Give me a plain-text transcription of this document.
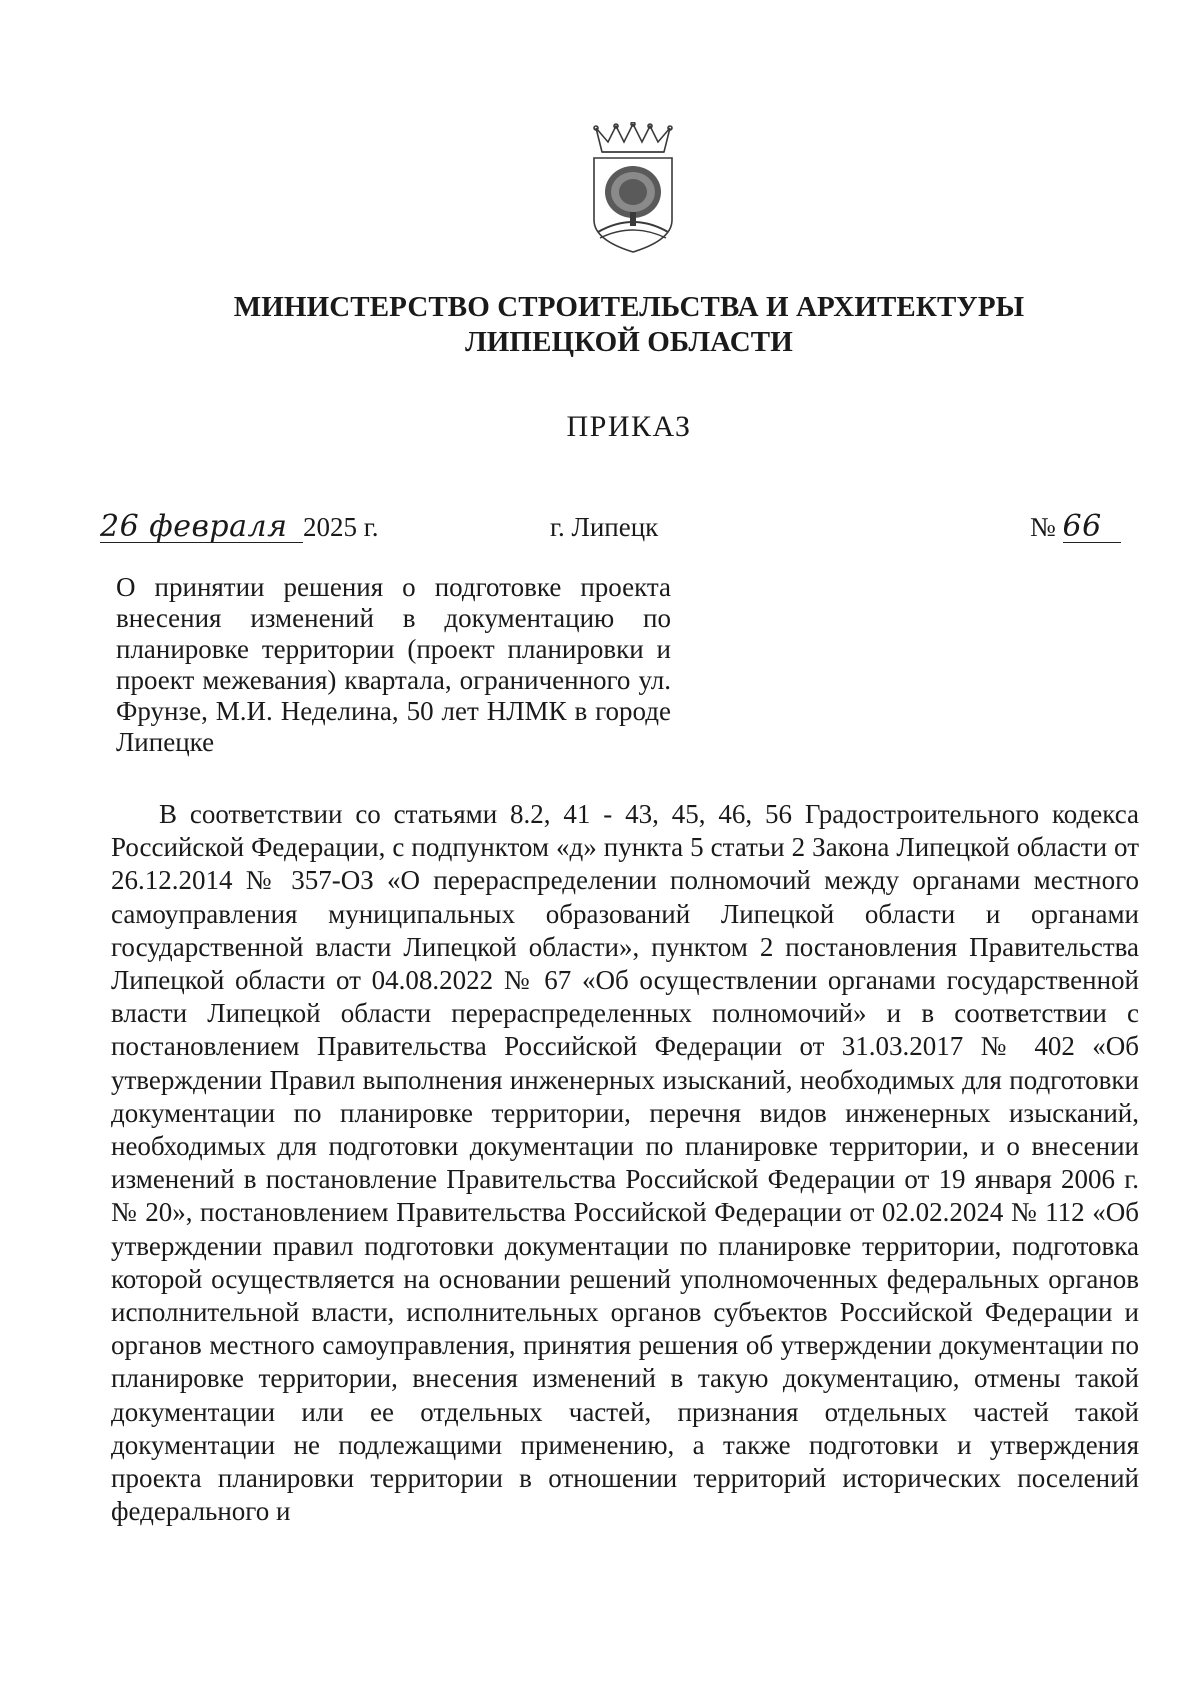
МИНИСТЕРСТВО СТРОИТЕЛЬСТВА И АРХИТЕКТУРЫ
ЛИПЕЦКОЙ ОБЛАСТИ
ПРИКАЗ
26 февраля 2025 г.	г. Липецк	№ 66
О принятии решения о подготовке проекта внесения изменений в документацию по планировке территории (проект планировки и проект межевания) квартала, ограниченного ул. Фрунзе, М.И. Неделина, 50 лет НЛМК в городе Липецке

В соответствии со статьями 8.2, 41 - 43, 45, 46, 56 Градостроительного кодекса Российской Федерации, с подпунктом «д» пункта 5 статьи 2 Закона Липецкой области от 26.12.2014 № 357-ОЗ «О перераспределении полномочий между органами местного самоуправления муниципальных образований Липецкой области и органами государственной власти Липецкой области», пунктом 2 постановления Правительства Липецкой области от 04.08.2022 № 67 «Об осуществлении органами государственной власти Липецкой области перераспределенных полномочий» и в соответствии с постановлением Правительства Российской Федерации от 31.03.2017 № 402 «Об утверждении Правил выполнения инженерных изысканий, необходимых для подготовки документации по планировке территории, перечня видов инженерных изысканий, необходимых для подготовки документации по планировке территории, и о внесении изменений в постановление Правительства Российской Федерации от 19 января 2006 г. № 20», постановлением Правительства Российской Федерации от 02.02.2024 № 112 «Об утверждении правил подготовки документации по планировке территории, подготовка которой осуществляется на основании решений уполномоченных федеральных органов исполнительной власти, исполнительных органов субъектов Российской Федерации и органов местного самоуправления, принятия решения об утверждении документации по планировке территории, внесения изменений в такую документацию, отмены такой документации или ее отдельных частей, признания отдельных частей такой документации не подлежащими применению, а также подготовки и утверждения проекта планировки территории в отношении территорий исторических поселений федерального и
